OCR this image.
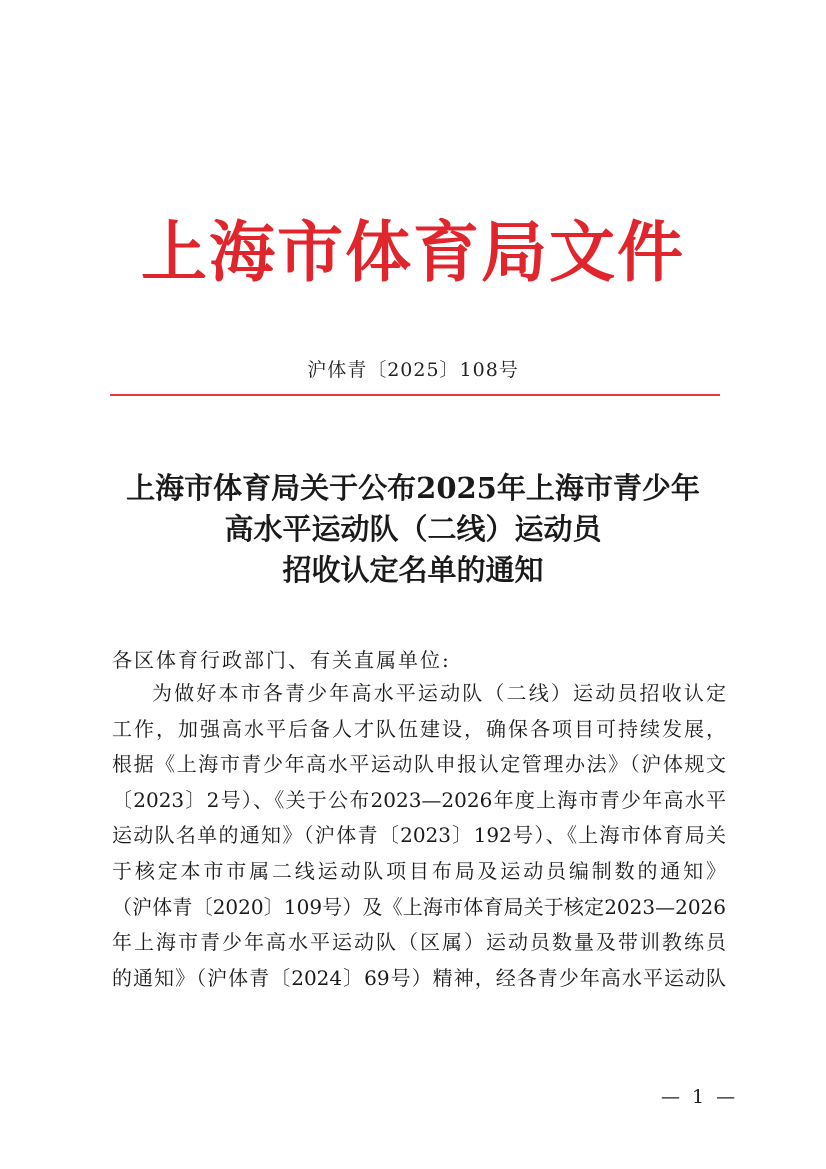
上海市体育局文件
沪体青〔2025〕108号
上海市体育局关于公布2025年上海市青少年
高水平运动队（二线）运动员
招收认定名单的通知
各区体育行政部门、有关直属单位:
为做好本市各青少年高水平运动队（二线）运动员招收认定
工作，加强高水平后备人才队伍建设，确保各项目可持续发展，
根据《上海市青少年高水平运动队申报认定管理办法》（沪体规文
〔2023〕2号）、《关于公布2023—2026年度上海市青少年高水平
运动队名单的通知》（沪体青〔2023〕192号）、《上海市体育局关
于核定本市市属二线运动队项目布局及运动员编制数的通知》
（沪体青〔2020〕109号）及《上海市体育局关于核定2023—2026
年上海市青少年高水平运动队（区属）运动员数量及带训教练员
的通知》（沪体青〔2024〕69号）精神，经各青少年高水平运动队
— 1 —
